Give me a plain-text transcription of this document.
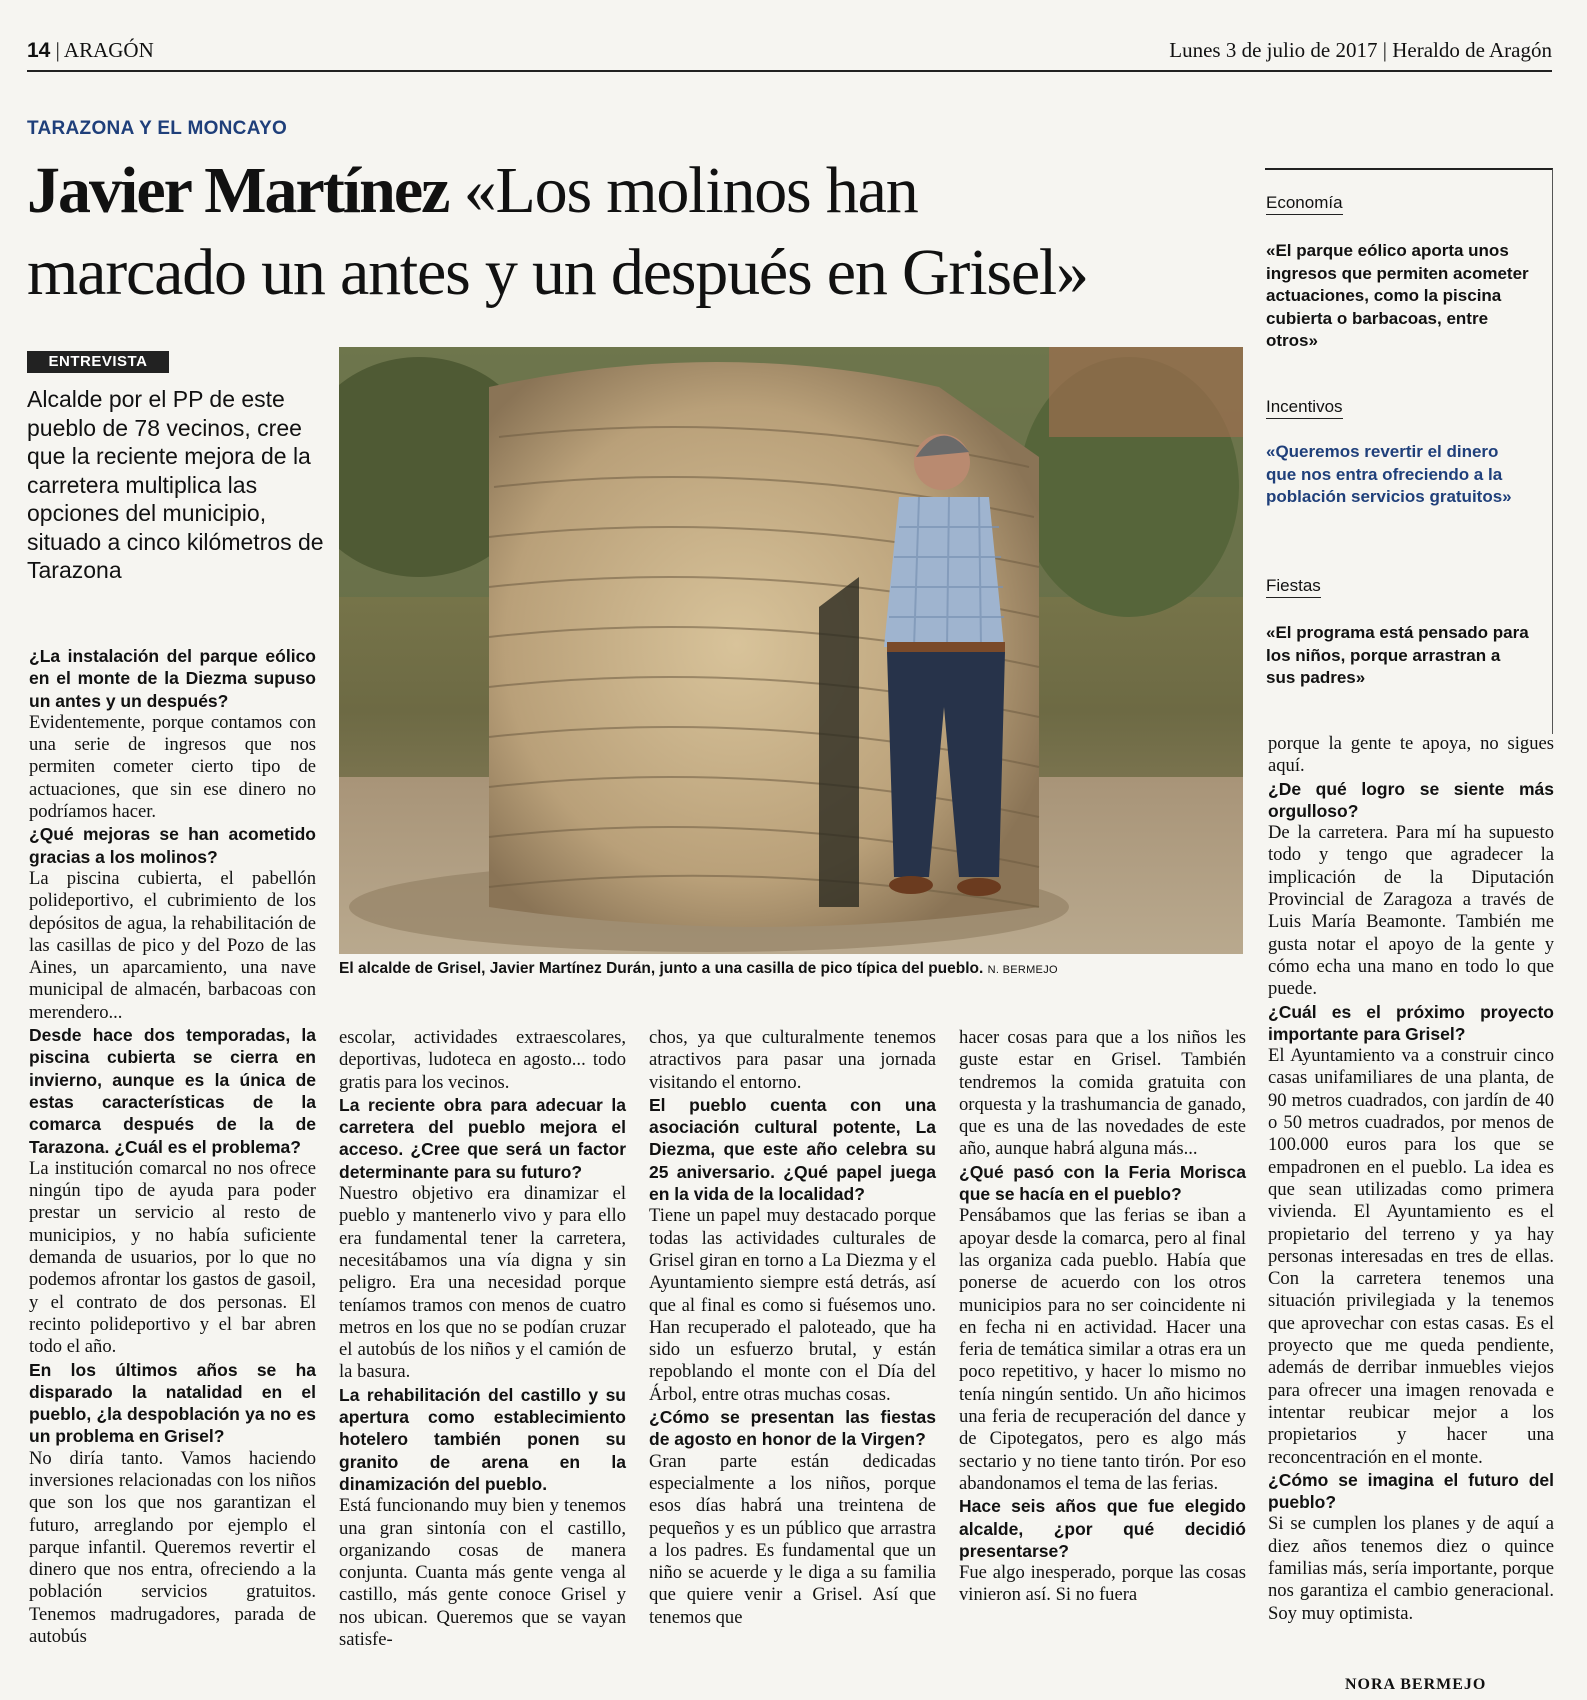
14 | ARAGÓN	Lunes 3 de julio de 2017 | Heraldo de Aragón
TARAZONA Y EL MONCAYO
Javier Martínez «Los molinos han
marcado un antes y un después en Grisel»
ENTREVISTA
Alcalde por el PP de este pueblo de 78 vecinos, cree que la reciente mejora de la carretera multiplica las opciones del municipio, situado a cinco kilómetros de Tarazona
El alcalde de Grisel, Javier Martínez Durán, junto a una casilla de pico típica del pueblo. N. BERMEJO
Economía
«El parque eólico aporta unos ingresos que permiten acometer actuaciones, como la piscina cubierta o barbacoas, entre otros»
Incentivos
«Queremos revertir el dinero que nos entra ofreciendo a la población servicios gratuitos»
Fiestas
«El programa está pensado para los niños, porque arrastran a sus padres»

¿La instalación del parque eólico en el monte de la Diezma supuso un antes y un después?

Evidentemente, porque contamos con una serie de ingresos que nos permiten cometer cierto tipo de actuaciones, que sin ese dinero no podríamos hacer.

¿Qué mejoras se han acometido gracias a los molinos?

La piscina cubierta, el pabellón polideportivo, el cubrimiento de los depósitos de agua, la rehabilitación de las casillas de pico y del Pozo de las Aines, un aparcamiento, una nave municipal de almacén, barbacoas con merendero...

Desde hace dos temporadas, la piscina cubierta se cierra en invierno, aunque es la única de estas características de la comarca después de la de Tarazona. ¿Cuál es el problema?

La institución comarcal no nos ofrece ningún tipo de ayuda para poder prestar un servicio al resto de municipios, y no había suficiente demanda de usuarios, por lo que no podemos afrontar los gastos de gasoil, y el contrato de dos personas. El recinto polideportivo y el bar abren todo el año.

En los últimos años se ha disparado la natalidad en el pueblo, ¿la despoblación ya no es un problema en Grisel?

No diría tanto. Vamos haciendo inversiones relacionadas con los niños que son los que nos garantizan el futuro, arreglando por ejemplo el parque infantil. Queremos revertir el dinero que nos entra, ofreciendo a la población servicios gratuitos. Tenemos madrugadores, parada de autobús

escolar, actividades extraescolares, deportivas, ludoteca en agosto... todo gratis para los vecinos.

La reciente obra para adecuar la carretera del pueblo mejora el acceso. ¿Cree que será un factor determinante para su futuro?

Nuestro objetivo era dinamizar el pueblo y mantenerlo vivo y para ello era fundamental tener la carretera, necesitábamos una vía digna y sin peligro. Era una necesidad porque teníamos tramos con menos de cuatro metros en los que no se podían cruzar el autobús de los niños y el camión de la basura.

La rehabilitación del castillo y su apertura como establecimiento hotelero también ponen su granito de arena en la dinamización del pueblo.

Está funcionando muy bien y tenemos una gran sintonía con el castillo, organizando cosas de manera conjunta. Cuanta más gente venga al castillo, más gente conoce Grisel y nos ubican. Queremos que se vayan satisfe-

chos, ya que culturalmente tenemos atractivos para pasar una jornada visitando el entorno.

El pueblo cuenta con una asociación cultural potente, La Diezma, que este año celebra su 25 aniversario. ¿Qué papel juega en la vida de la localidad?

Tiene un papel muy destacado porque todas las actividades culturales de Grisel giran en torno a La Diezma y el Ayuntamiento siempre está detrás, así que al final es como si fuésemos uno. Han recuperado el paloteado, que ha sido un esfuerzo brutal, y están repoblando el monte con el Día del Árbol, entre otras muchas cosas.

¿Cómo se presentan las fiestas de agosto en honor de la Virgen?

Gran parte están dedicadas especialmente a los niños, porque esos días habrá una treintena de pequeños y es un público que arrastra a los padres. Es fundamental que un niño se acuerde y le diga a su familia que quiere venir a Grisel. Así que tenemos que

hacer cosas para que a los niños les guste estar en Grisel. También tendremos la comida gratuita con orquesta y la trashumancia de ganado, que es una de las novedades de este año, aunque habrá alguna más...

¿Qué pasó con la Feria Morisca que se hacía en el pueblo?

Pensábamos que las ferias se iban a apoyar desde la comarca, pero al final las organiza cada pueblo. Había que ponerse de acuerdo con los otros municipios para no ser coincidente ni en fecha ni en actividad. Hacer una feria de temática similar a otras era un poco repetitivo, y hacer lo mismo no tenía ningún sentido. Un año hicimos una feria de recuperación del dance y de Cipotegatos, pero es algo más sectario y no tiene tanto tirón. Por eso abandonamos el tema de las ferias.

Hace seis años que fue elegido alcalde, ¿por qué decidió presentarse?

Fue algo inesperado, porque las cosas vinieron así. Si no fuera

porque la gente te apoya, no sigues aquí.

¿De qué logro se siente más orgulloso?

De la carretera. Para mí ha supuesto todo y tengo que agradecer la implicación de la Diputación Provincial de Zaragoza a través de Luis María Beamonte. También me gusta notar el apoyo de la gente y cómo echa una mano en todo lo que puede.

¿Cuál es el próximo proyecto importante para Grisel?

El Ayuntamiento va a construir cinco casas unifamiliares de una planta, de 90 metros cuadrados, con jardín de 40 o 50 metros cuadrados, por menos de 100.000 euros para los que se empadronen en el pueblo. La idea es que sean utilizadas como primera vivienda. El Ayuntamiento es el propietario del terreno y ya hay personas interesadas en tres de ellas. Con la carretera tenemos una situación privilegiada y la tenemos que aprovechar con estas casas. Es el proyecto que me queda pendiente, además de derribar inmuebles viejos para ofrecer una imagen renovada e intentar reubicar mejor a los propietarios y hacer una reconcentración en el monte.

¿Cómo se imagina el futuro del pueblo?

Si se cumplen los planes y de aquí a diez años tenemos diez o quince familias más, sería importante, porque nos garantiza el cambio generacional. Soy muy optimista.

NORA BERMEJO
